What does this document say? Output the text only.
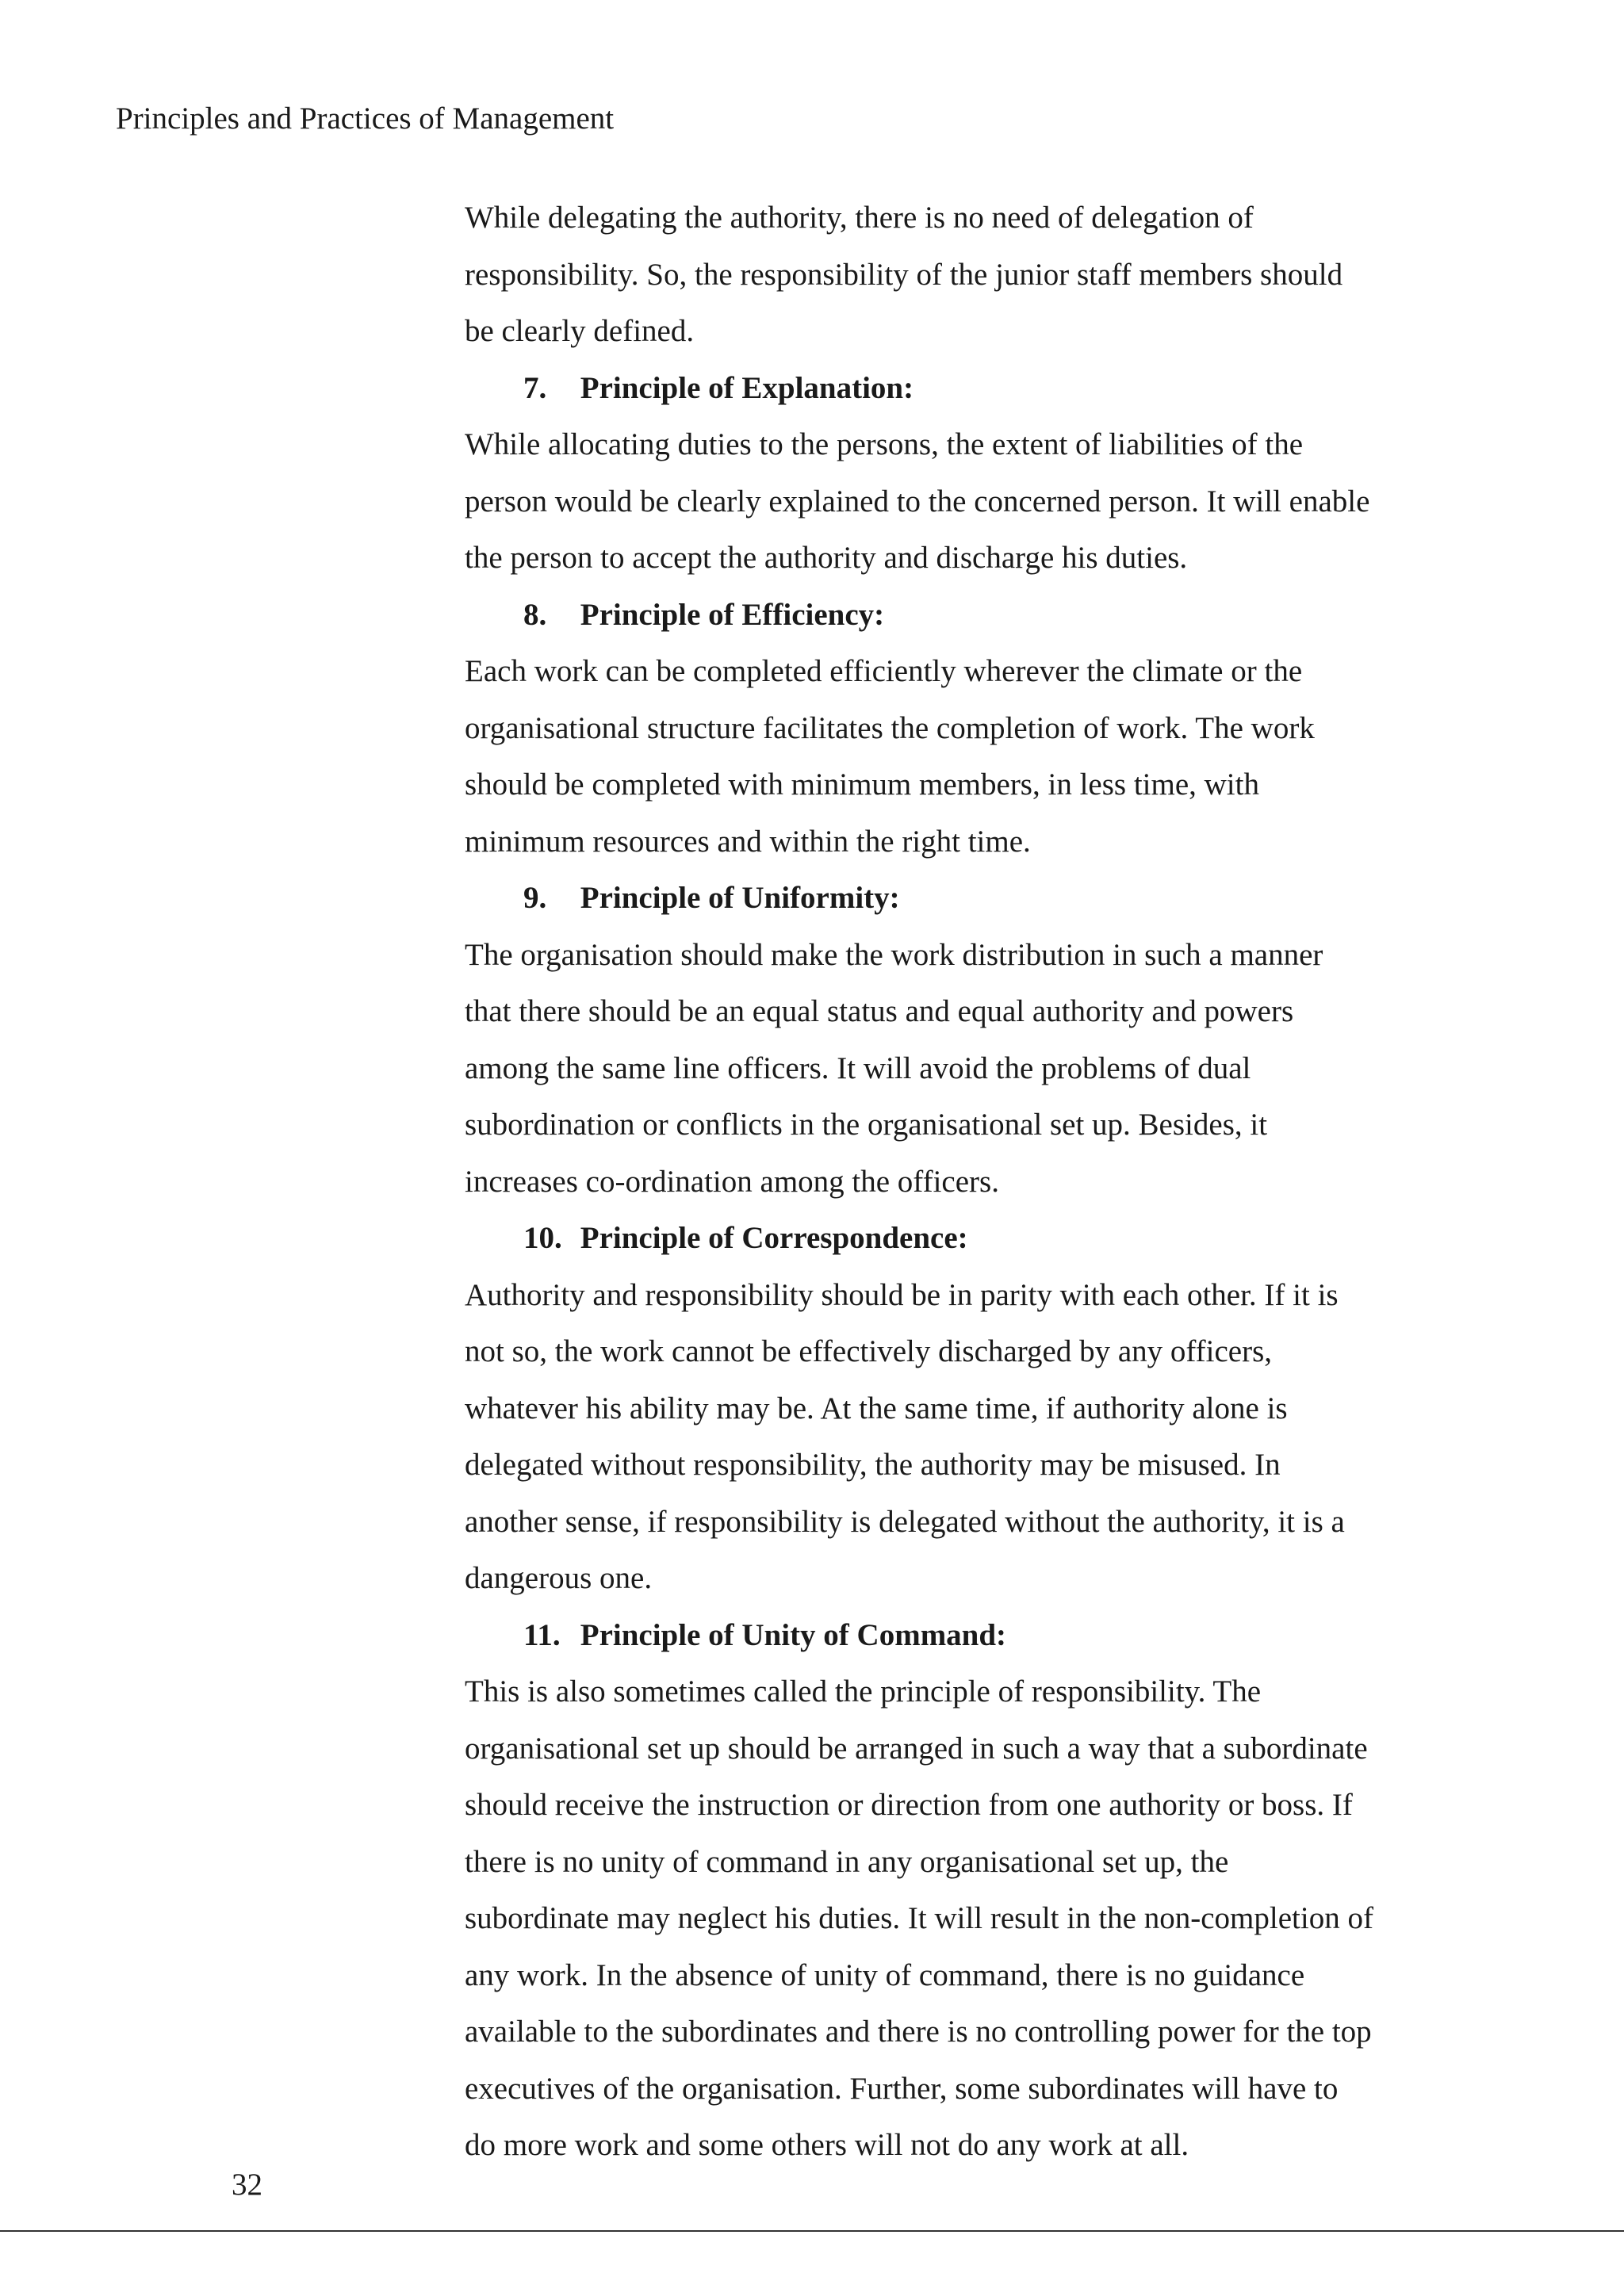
Principles and Practices of Management
While delegating the authority, there is no need of delegation of
responsibility. So, the responsibility of the junior staff members should
be clearly defined.
7. Principle of Explanation:
While allocating duties to the persons, the extent of liabilities of the
person would be clearly explained to the concerned person. It will enable
the person to accept the authority and discharge his duties.
8. Principle of Efficiency:
Each work can be completed efficiently wherever the climate or the
organisational structure facilitates the completion of work. The work
should be completed with minimum members, in less time, with
minimum resources and within the right time.
9. Principle of Uniformity:
The organisation should make the work distribution in such a manner
that there should be an equal status and equal authority and powers
among the same line officers. It will avoid the problems of dual
subordination or conflicts in the organisational set up. Besides, it
increases co-ordination among the officers.
10. Principle of Correspondence:
Authority and responsibility should be in parity with each other. If it is
not so, the work cannot be effectively discharged by any officers,
whatever his ability may be. At the same time, if authority alone is
delegated without responsibility, the authority may be misused. In
another sense, if responsibility is delegated without the authority, it is a
dangerous one.
11. Principle of Unity of Command:
This is also sometimes called the principle of responsibility. The
organisational set up should be arranged in such a way that a subordinate
should receive the instruction or direction from one authority or boss. If
there is no unity of command in any organisational set up, the
subordinate may neglect his duties. It will result in the non-completion of
any work. In the absence of unity of command, there is no guidance
available to the subordinates and there is no controlling power for the top
executives of the organisation. Further, some subordinates will have to
do more work and some others will not do any work at all.
32
